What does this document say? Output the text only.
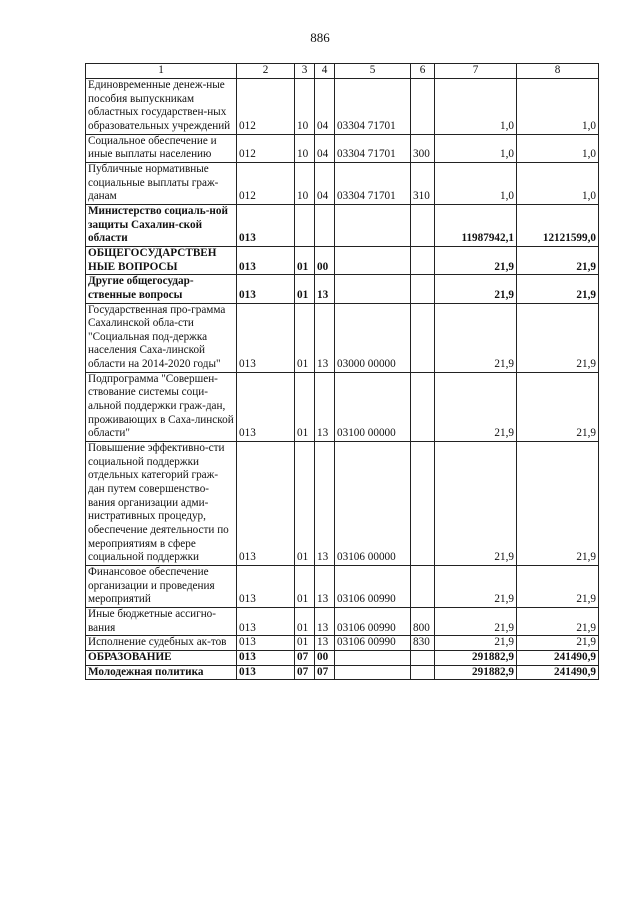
886
1	2	3	4	5	6	7	8
Единовременные денеж-ные пособия выпускникам областных государствен-ных образовательных учреждений	012	10	04	03304 71701		1,0	1,0
Социальное обеспечение и иные выплаты населению	012	10	04	03304 71701	300	1,0	1,0
Публичные нормативные социальные выплаты граж-данам	012	10	04	03304 71701	310	1,0	1,0
Министерство социаль-ной защиты Сахалин-ской области	013					11987942,1	12121599,0
ОБЩЕГОСУДАРСТВЕН НЫЕ ВОПРОСЫ	013	01	00			21,9	21,9
Другие общегосудар-ственные вопросы	013	01	13			21,9	21,9
Государственная про-грамма Сахалинской обла-сти "Социальная под-держка населения Саха-линской области на 2014-2020 годы"	013	01	13	03000 00000		21,9	21,9
Подпрограмма "Совершен-ствование системы соци-альной поддержки граж-дан, проживающих в Саха-линской области"	013	01	13	03100 00000		21,9	21,9
Повышение эффективно-сти социальной поддержки отдельных категорий граж-дан путем совершенство-вания организации адми-нистративных процедур, обеспечение деятельности по мероприятиям в сфере социальной поддержки	013	01	13	03106 00000		21,9	21,9
Финансовое обеспечение организации и проведения мероприятий	013	01	13	03106 00990		21,9	21,9
Иные бюджетные ассигно-вания	013	01	13	03106 00990	800	21,9	21,9
Исполнение судебных ак-тов	013	01	13	03106 00990	830	21,9	21,9
ОБРАЗОВАНИЕ	013	07	00			291882,9	241490,9
Молодежная политика	013	07	07			291882,9	241490,9
